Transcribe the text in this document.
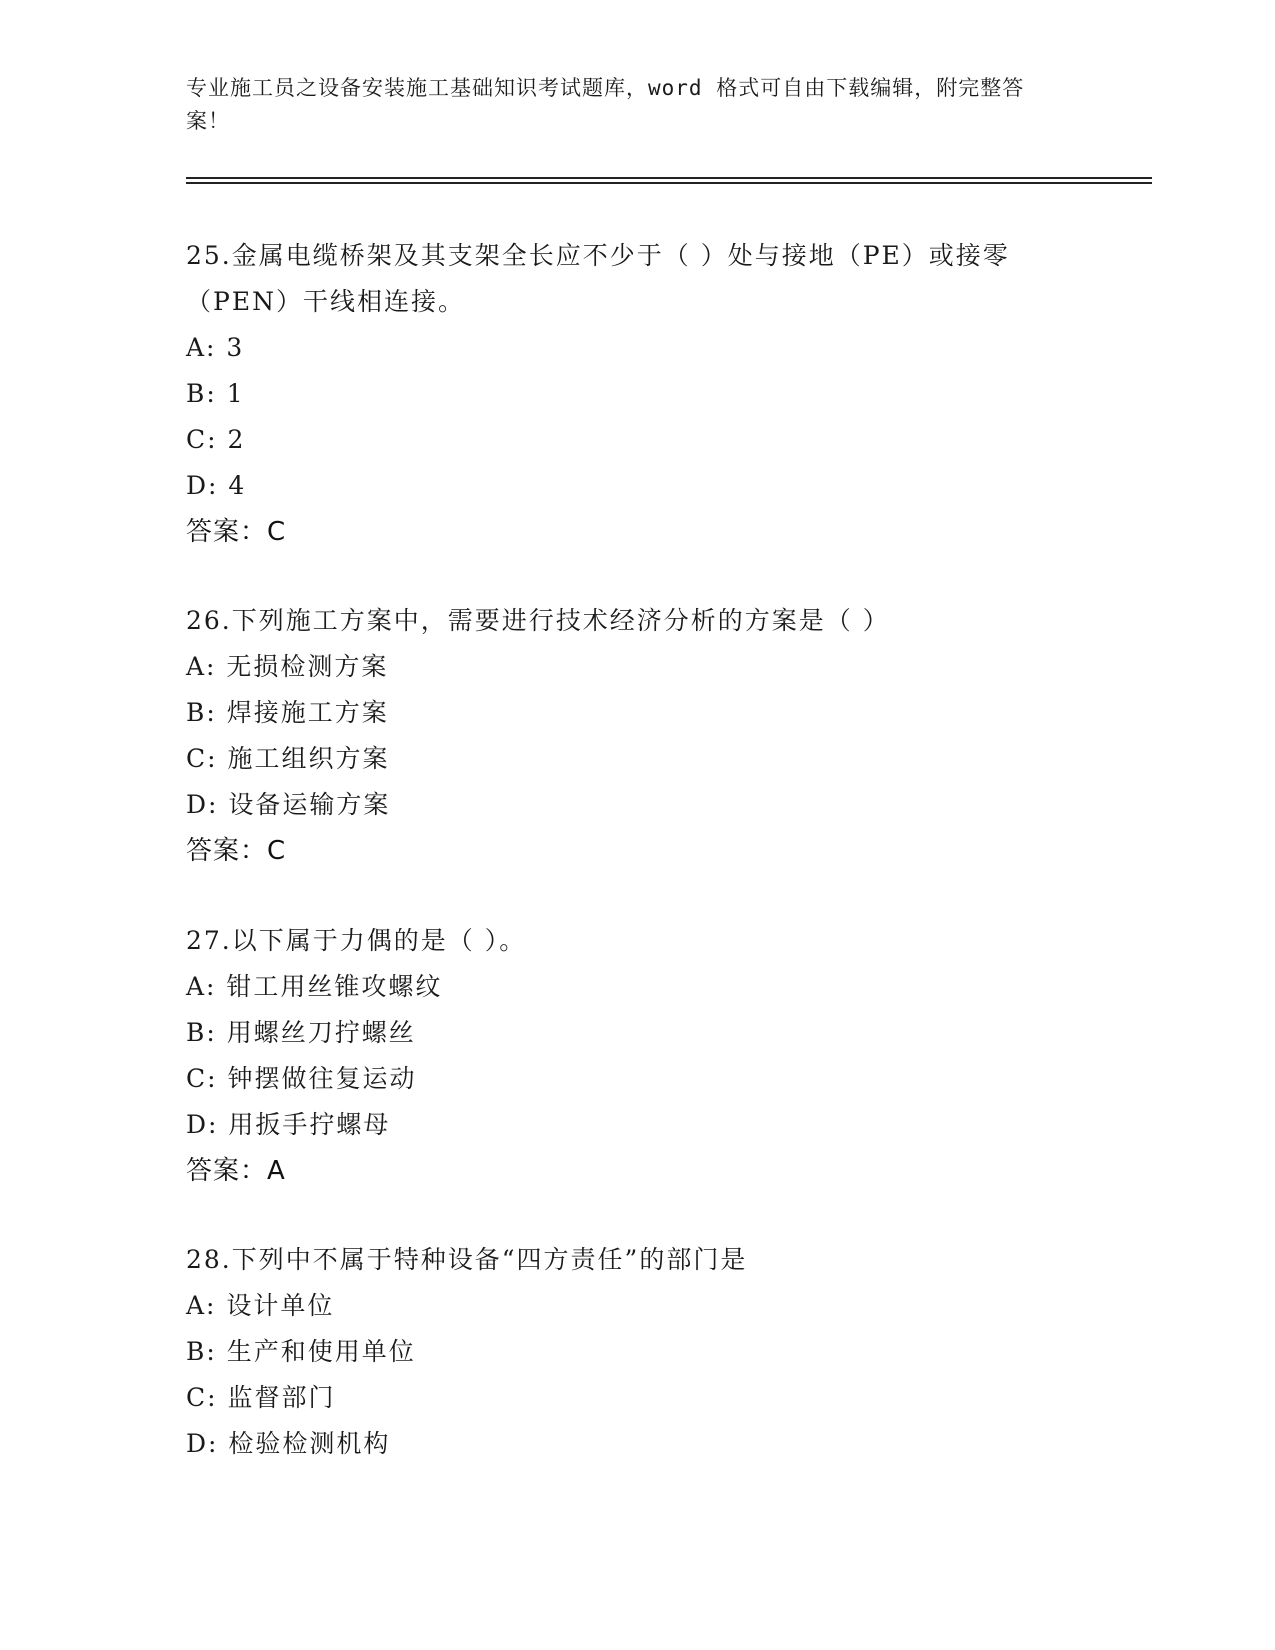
专业施工员之设备安装施工基础知识考试题库，word 格式可自由下载编辑，附完整答案！
25.金属电缆桥架及其支架全长应不少于（ ）处与接地（PE）或接零（PEN）干线相连接。
A: 3
B: 1
C: 2
D: 4
答案：C
26.下列施工方案中，需要进行技术经济分析的方案是（ ）
A: 无损检测方案
B: 焊接施工方案
C: 施工组织方案
D: 设备运输方案
答案：C
27.以下属于力偶的是（ ）。
A: 钳工用丝锥攻螺纹
B: 用螺丝刀拧螺丝
C: 钟摆做往复运动
D: 用扳手拧螺母
答案：A
28.下列中不属于特种设备“四方责任”的部门是
A: 设计单位
B: 生产和使用单位
C: 监督部门
D: 检验检测机构
